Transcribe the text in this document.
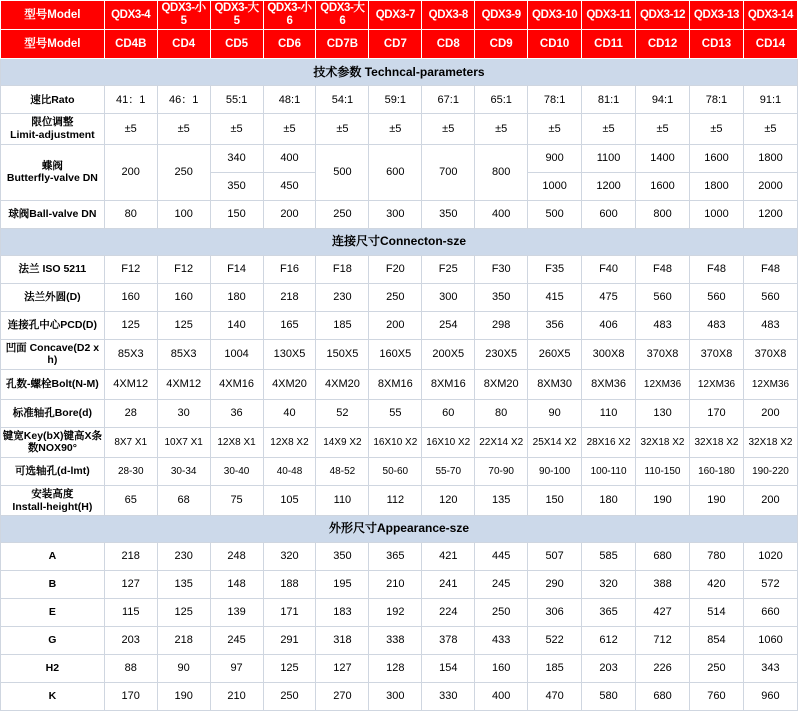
型号Model	QDX3-4	QDX3-小5	QDX3-大5	QDX3-小6	QDX3-大6	QDX3-7	QDX3-8	QDX3-9	QDX3-10	QDX3-11	QDX3-12	QDX3-13	QDX3-14
型号Model	CD4B	CD4	CD5	CD6	CD7B	CD7	CD8	CD9	CD10	CD11	CD12	CD13	CD14
技术参数 Techncal-parameters													
速比Rato	41：1	46：1	55:1	48:1	54:1	59:1	67:1	65:1	78:1	81:1	94:1	78:1	91:1

限位调整
Limit-adjustment	±5	±5	±5	±5	±5	±5	±5	±5	±5	±5	±5	±5	±5

蝶阀
Butterfly-valve DN	200	250	340	400	500	600	700	800	900	1100	1400	1600	1800
			350	450					1000	1200	1600	1800	2000
球阀Ball-valve DN	80	100	150	200	250	300	350	400	500	600	800	1000	1200
连接尺寸Connecton-sze													
法兰 ISO 5211	F12	F12	F14	F16	F18	F20	F25	F30	F35	F40	F48	F48	F48
法兰外圆(D)	160	160	180	218	230	250	300	350	415	475	560	560	560
连接孔中心PCD(D)	125	125	140	165	185	200	254	298	356	406	483	483	483
凹面 Concave(D2 x h)	85X3	85X3	1004	130X5	150X5	160X5	200X5	230X5	260X5	300X8	370X8	370X8	370X8
孔数-螺栓Bolt(N-M)	4XM12	4XM12	4XM16	4XM20	4XM20	8XM16	8XM16	8XM20	8XM30	8XM36	12XM36	12XM36	12XM36
标准轴孔Bore(d)	28	30	36	40	52	55	60	80	90	110	130	170	200
键宽Key(bX)键高X条数NOX90°	8X7 X1	10X7 X1	12X8 X1	12X8 X2	14X9 X2	16X10 X2	16X10 X2	22X14 X2	25X14 X2	28X16 X2	32X18 X2	32X18 X2	32X18 X2
可选轴孔(d-lmt)	28-30	30-34	30-40	40-48	48-52	50-60	55-70	70-90	90-100	100-110	110-150	160-180	190-220

安装高度
Install-height(H)	65	68	75	105	110	112	120	135	150	180	190	190	200
外形尺寸Appearance-sze													
A	218	230	248	320	350	365	421	445	507	585	680	780	1020
B	127	135	148	188	195	210	241	245	290	320	388	420	572
E	115	125	139	171	183	192	224	250	306	365	427	514	660
G	203	218	245	291	318	338	378	433	522	612	712	854	1060
H2	88	90	97	125	127	128	154	160	185	203	226	250	343
K	170	190	210	250	270	300	330	400	470	580	680	760	960
